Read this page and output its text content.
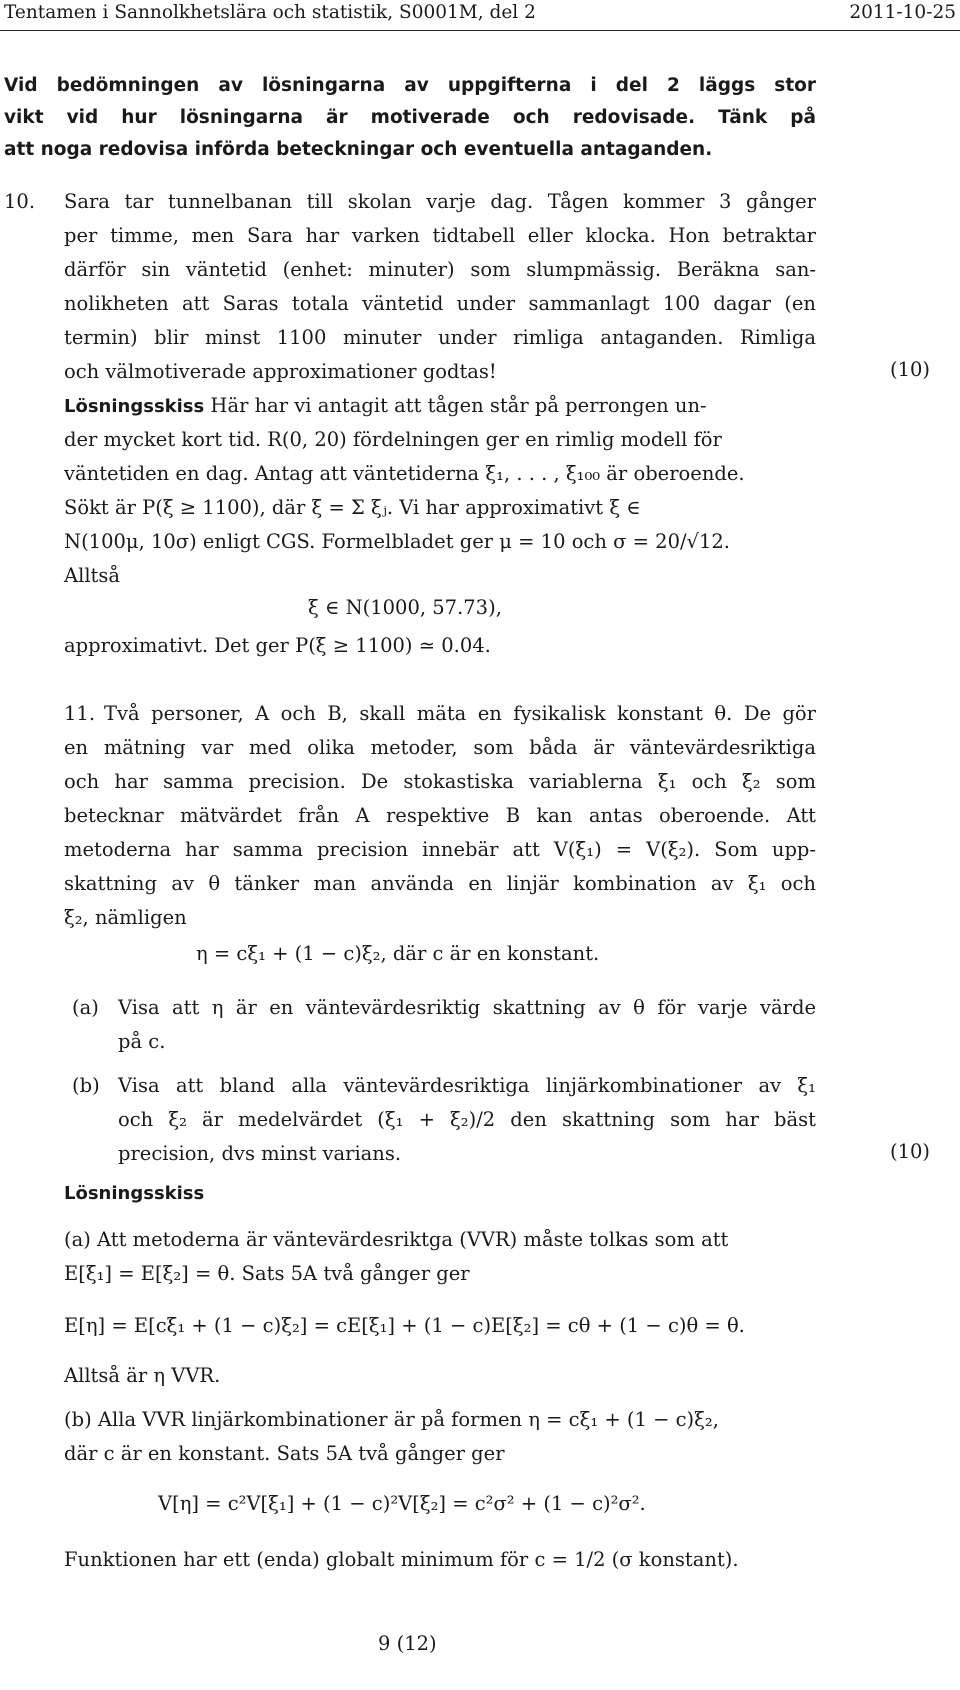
Tentamen i Sannolkhetslära och statistik, S0001M, del 2	2011-10-25
Vid bedömningen av lösningarna av uppgifterna i del 2 läggs stor
vikt vid hur lösningarna är motiverade och redovisade. Tänk på
att noga redovisa införda beteckningar och eventuella antaganden.
10. Sara tar tunnelbanan till skolan varje dag. Tågen kommer 3 gånger
per timme, men Sara har varken tidtabell eller klocka. Hon betraktar
därför sin väntetid (enhet: minuter) som slumpmässig. Beräkna san-
nolikheten att Saras totala väntetid under sammanlagt 100 dagar (en
termin) blir minst 1100 minuter under rimliga antaganden. Rimliga
och välmotiverade approximationer godtas!	(10)
Lösningsskiss Här har vi antagit att tågen står på perrongen un-
der mycket kort tid. R(0, 20) fördelningen ger en rimlig modell för
väntetiden en dag. Antag att väntetiderna ξ₁, . . . , ξ₁₀₀ är oberoende.
Sökt är P(ξ ≥ 1100), där ξ = Σ ξⱼ. Vi har approximativt ξ ∈
N(100μ, 10σ) enligt CGS. Formelbladet ger μ = 10 och σ = 20/√12.
Alltså
ξ ∈ N(1000, 57.73),
approximativt. Det ger P(ξ ≥ 1100) ≃ 0.04.
11. Två personer, A och B, skall mäta en fysikalisk konstant θ. De gör
en mätning var med olika metoder, som båda är väntevärdesriktiga
och har samma precision. De stokastiska variablerna ξ₁ och ξ₂ som
betecknar mätvärdet från A respektive B kan antas oberoende. Att
metoderna har samma precision innebär att V(ξ₁) = V(ξ₂). Som upp-
skattning av θ tänker man använda en linjär kombination av ξ₁ och
ξ₂, nämligen
η = cξ₁ + (1 − c)ξ₂, där c är en konstant.
(a) Visa att η är en väntevärdesriktig skattning av θ för varje värde
på c.
(b) Visa att bland alla väntevärdesriktiga linjärkombinationer av ξ₁
och ξ₂ är medelvärdet (ξ₁ + ξ₂)/2 den skattning som har bäst
precision, dvs minst varians.	(10)
Lösningsskiss
(a) Att metoderna är väntevärdesriktga (VVR) måste tolkas som att
E[ξ₁] = E[ξ₂] = θ. Sats 5A två gånger ger
E[η] = E[cξ₁ + (1 − c)ξ₂] = cE[ξ₁] + (1 − c)E[ξ₂] = cθ + (1 − c)θ = θ.
Alltså är η VVR.
(b) Alla VVR linjärkombinationer är på formen η = cξ₁ + (1 − c)ξ₂,
där c är en konstant. Sats 5A två gånger ger
V[η] = c²V[ξ₁] + (1 − c)²V[ξ₂] = c²σ² + (1 − c)²σ².
Funktionen har ett (enda) globalt minimum för c = 1/2 (σ konstant).
9 (12)
